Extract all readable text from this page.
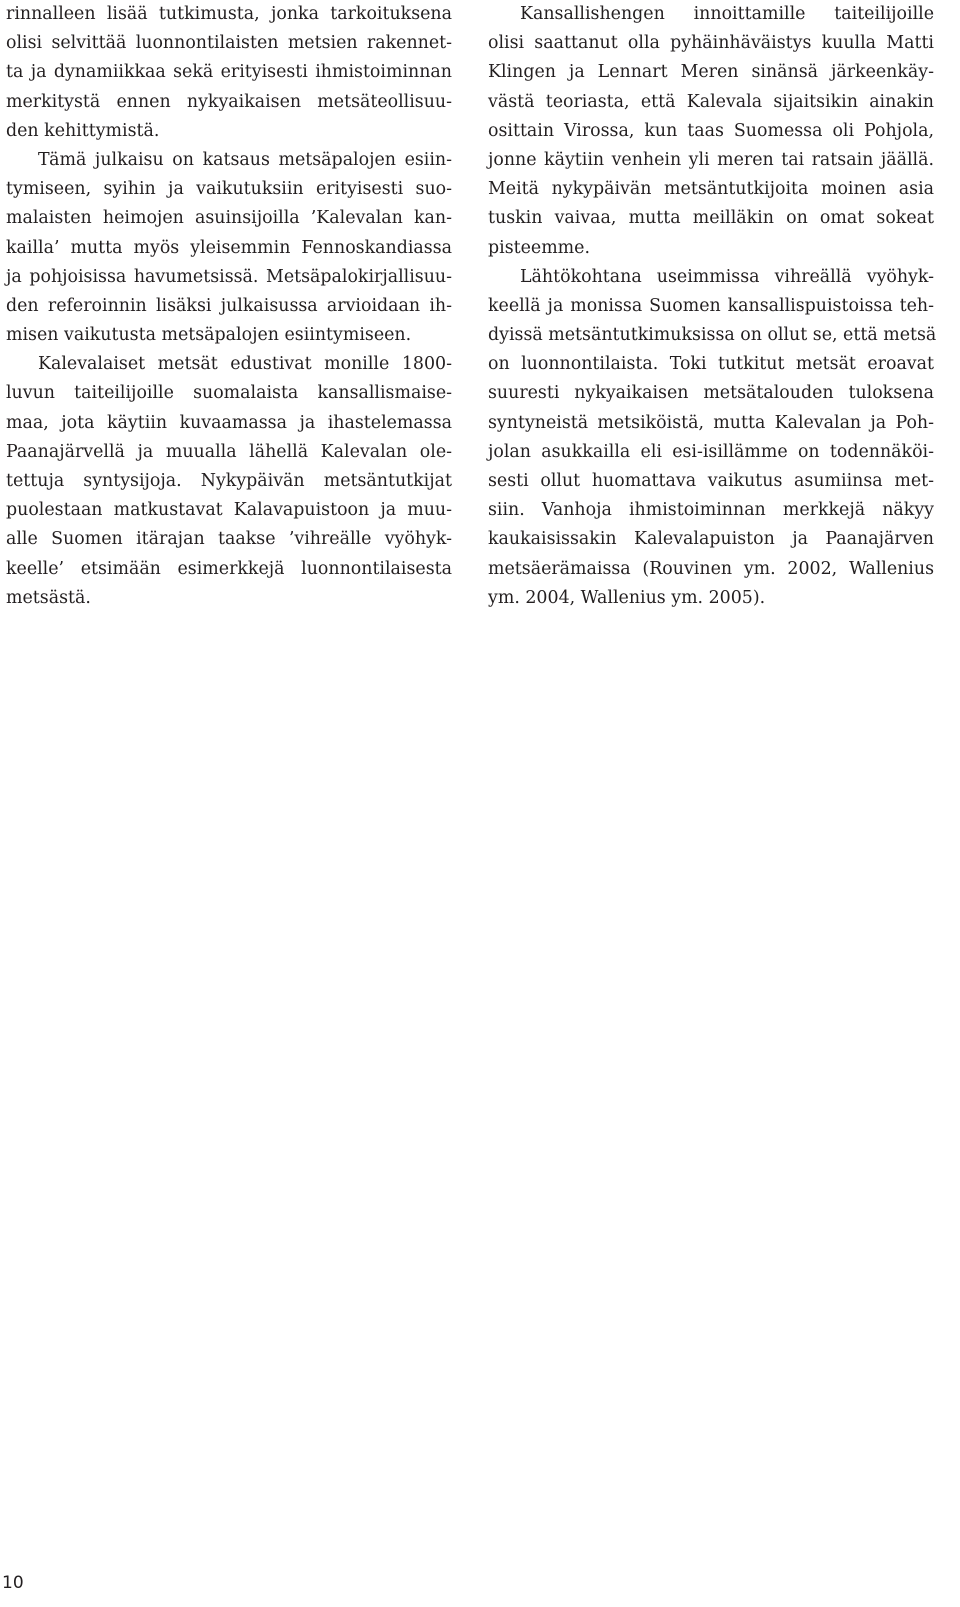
rinnalleen lisää tutkimusta, jonka tarkoituksena
olisi selvittää luonnontilaisten metsien rakennet-
ta ja dynamiikkaa sekä erityisesti ihmistoiminnan
merkitystä ennen nykyaikaisen metsäteollisuu-
den kehittymistä.
Tämä julkaisu on katsaus metsäpalojen esiin-
tymiseen, syihin ja vaikutuksiin erityisesti suo-
malaisten heimojen asuinsijoilla ’Kalevalan kan-
kailla’ mutta myös yleisemmin Fennoskandiassa
ja pohjoisissa havumetsissä. Metsäpalokirjallisuu-
den referoinnin lisäksi julkaisussa arvioidaan ih-
misen vaikutusta metsäpalojen esiintymiseen.
Kalevalaiset metsät edustivat monille 1800-
luvun taiteilijoille suomalaista kansallismaise-
maa, jota käytiin kuvaamassa ja ihastelemassa
Paanajärvellä ja muualla lähellä Kalevalan ole-
tettuja syntysijoja. Nykypäivän metsäntutkijat
puolestaan matkustavat Kalavapuistoon ja muu-
alle Suomen itärajan taakse ’vihreälle vyöhyk-
keelle’ etsimään esimerkkejä luonnontilaisesta
metsästä.
Kansallishengen innoittamille taiteilijoille
olisi saattanut olla pyhäinhäväistys kuulla Matti
Klingen ja Lennart Meren sinänsä järkeenkäy-
västä teoriasta, että Kalevala sijaitsikin ainakin
osittain Virossa, kun taas Suomessa oli Pohjola,
jonne käytiin venhein yli meren tai ratsain jäällä.
Meitä nykypäivän metsäntutkijoita moinen asia
tuskin vaivaa, mutta meilläkin on omat sokeat
pisteemme.
Lähtökohtana useimmissa vihreällä vyöhyk-
keellä ja monissa Suomen kansallispuistoissa teh-
dyissä metsäntutkimuksissa on ollut se, että metsä
on luonnontilaista. Toki tutkitut metsät eroavat
suuresti nykyaikaisen metsätalouden tuloksena
syntyneistä metsiköistä, mutta Kalevalan ja Poh-
jolan asukkailla eli esi-isillämme on todennäköi-
sesti ollut huomattava vaikutus asumiinsa met-
siin. Vanhoja ihmistoiminnan merkkejä näkyy
kaukaisissakin Kalevalapuiston ja Paanajärven
metsäerämaissa (Rouvinen ym. 2002, Wallenius
ym. 2004, Wallenius ym. 2005).
10
